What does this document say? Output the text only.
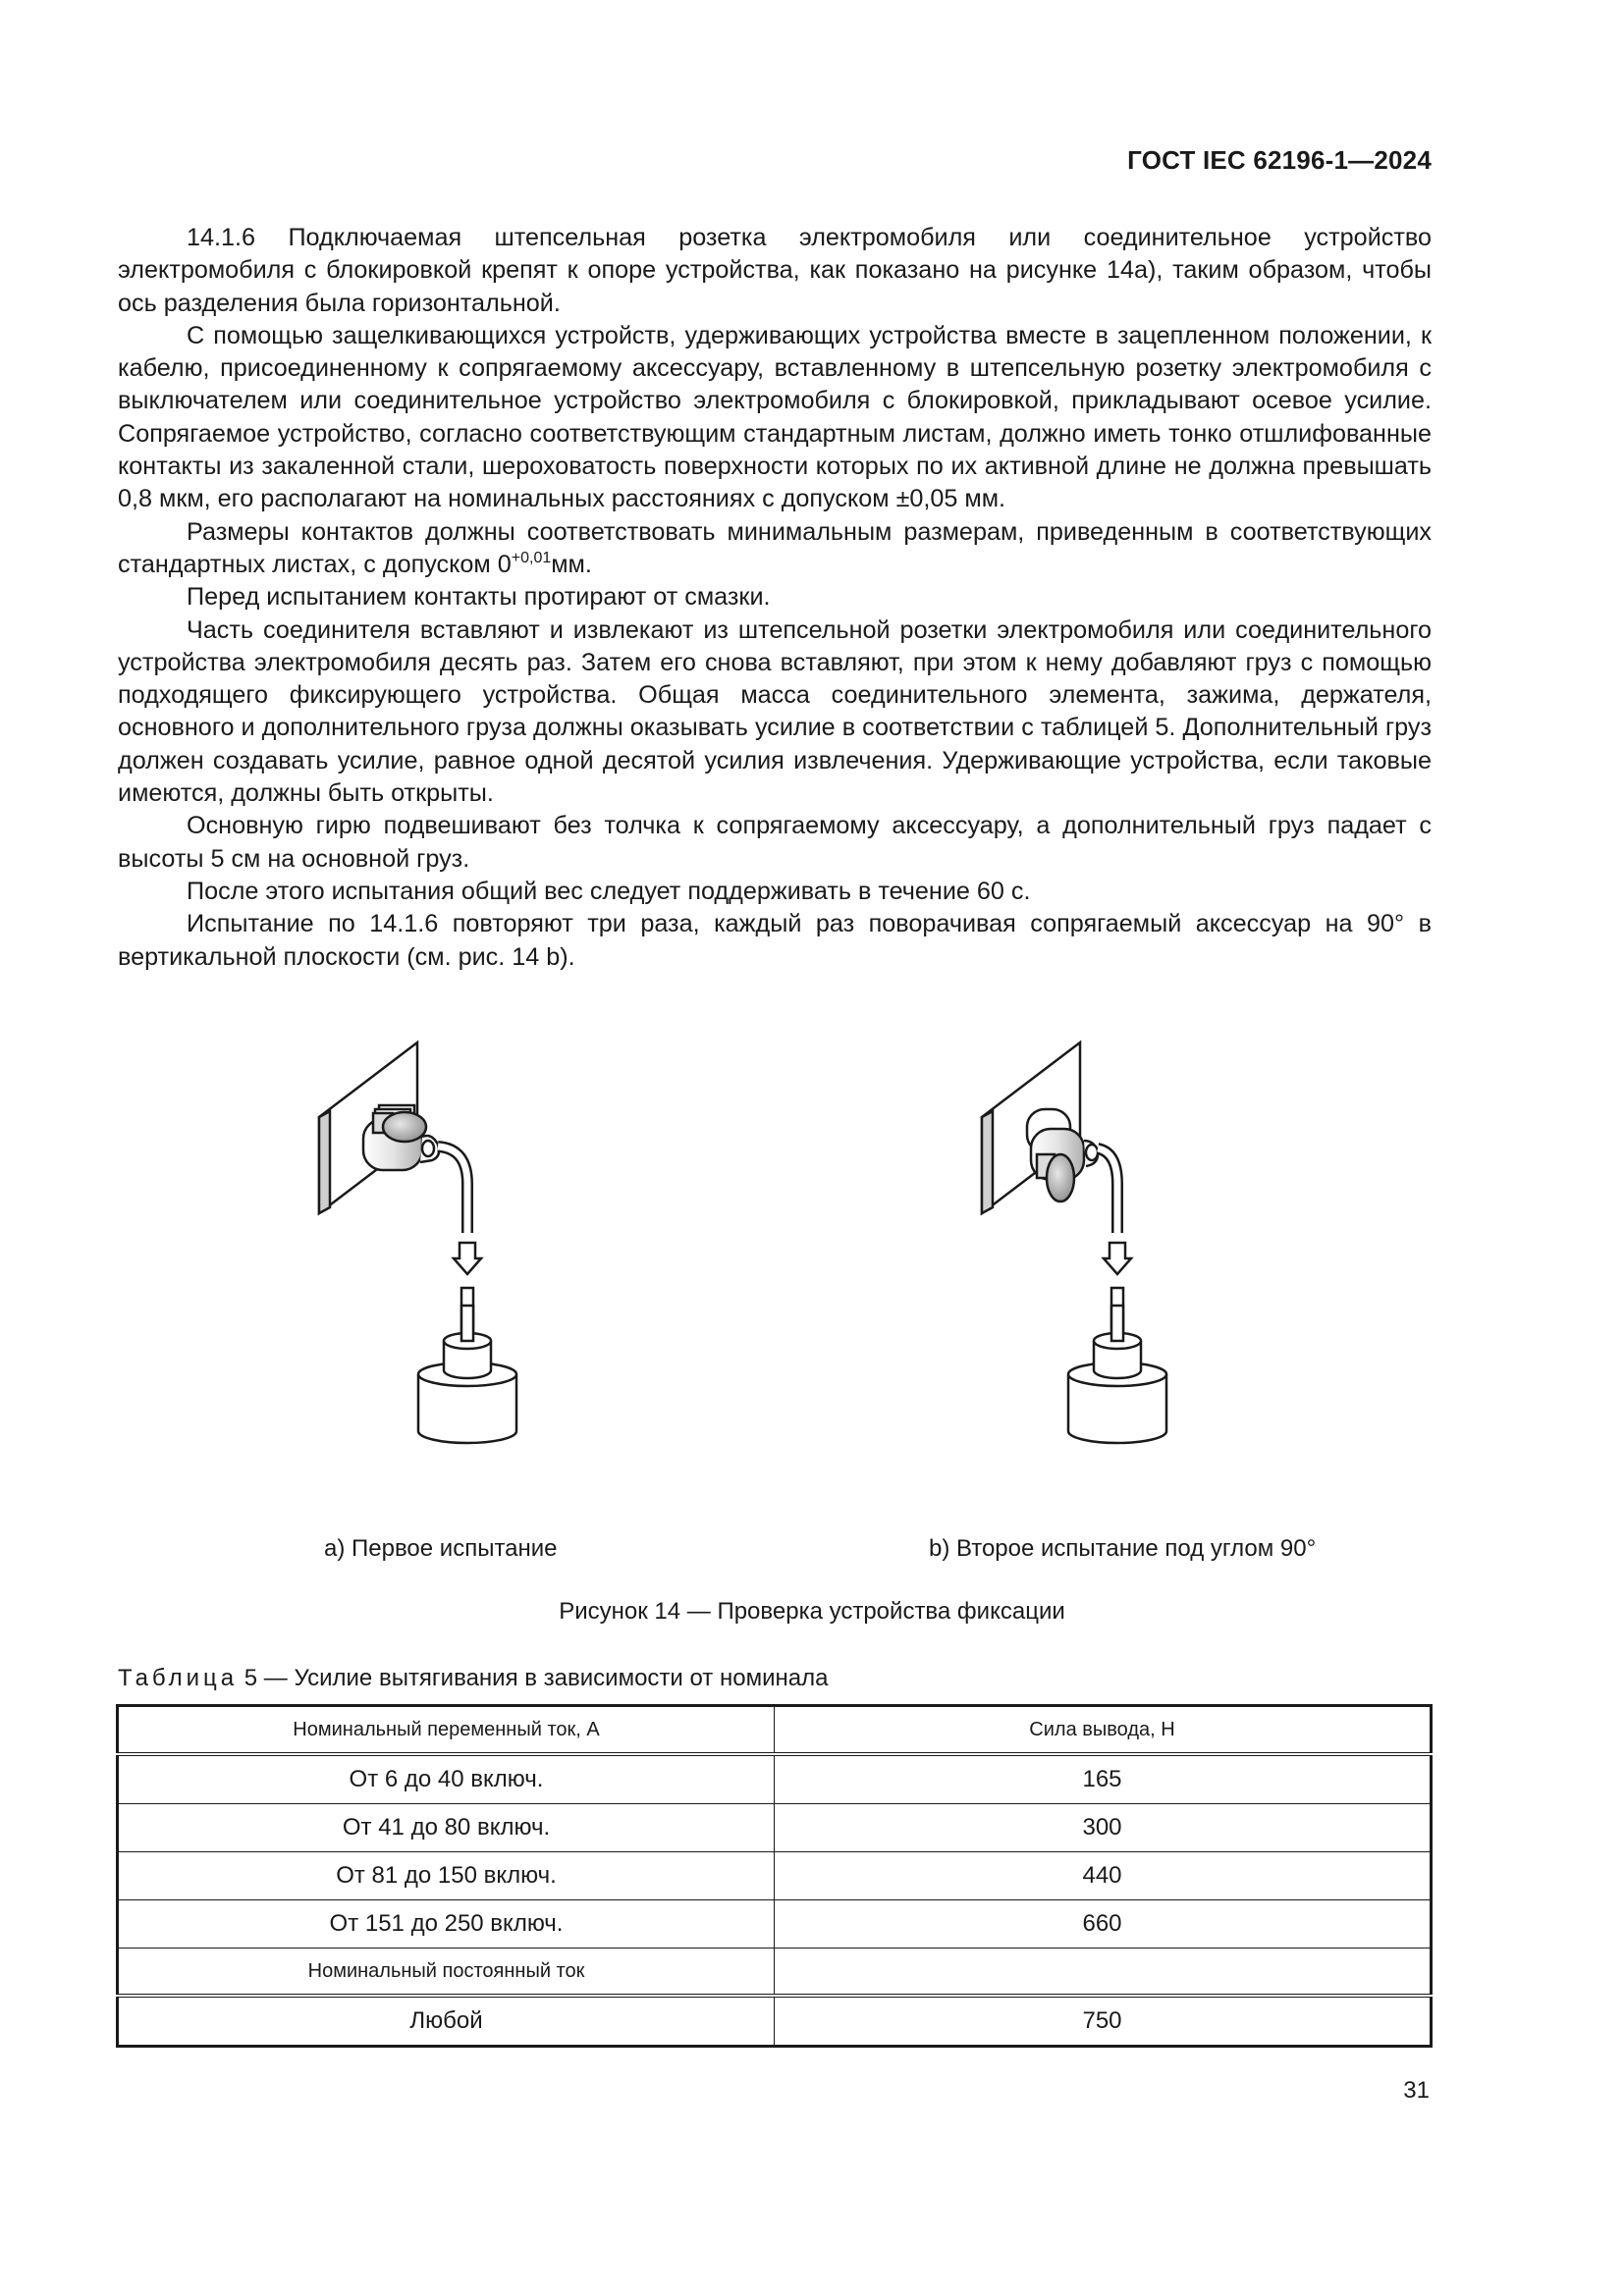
ГОСТ IEC 62196-1—2024

14.1.6 Подключаемая штепсельная розетка электромобиля или соединительное устройство электромобиля с блокировкой крепят к опоре устройства, как показано на рисунке 14а), таким образом, чтобы ось разделения была горизонтальной.

С помощью защелкивающихся устройств, удерживающих устройства вместе в зацепленном положении, к кабелю, присоединенному к сопрягаемому аксессуару, вставленному в штепсельную розетку электромобиля с выключателем или соединительное устройство электромобиля с блокировкой, прикладывают осевое усилие. Сопрягаемое устройство, согласно соответствующим стандартным листам, должно иметь тонко отшлифованные контакты из закаленной стали, шероховатость поверхности которых по их активной длине не должна превышать 0,8 мкм, его располагают на номинальных расстояниях с допуском ±0,05 мм.

Размеры контактов должны соответствовать минимальным размерам, приведенным в соответствующих стандартных листах, с допуском $0^{+0,01}мм$.

Перед испытанием контакты протирают от смазки.

Часть соединителя вставляют и извлекают из штепсельной розетки электромобиля или соединительного устройства электромобиля десять раз. Затем его снова вставляют, при этом к нему добавляют груз с помощью подходящего фиксирующего устройства. Общая масса соединительного элемента, зажима, держателя, основного и дополнительного груза должны оказывать усилие в соответствии с таблицей 5. Дополнительный груз должен создавать усилие, равное одной десятой усилия извлечения. Удерживающие устройства, если таковые имеются, должны быть открыты.

Основную гирю подвешивают без толчка к сопрягаемому аксессуару, а дополнительный груз падает с высоты 5 см на основной груз.

После этого испытания общий вес следует поддерживать в течение 60 с.

Испытание по 14.1.6 повторяют три раза, каждый раз поворачивая сопрягаемый аксессуар на 90° в вертикальной плоскости (см. рис. 14 b).

a) Первое испытание	b) Второе испытание под углом 90°
Рисунок 14 — Проверка устройства фиксации
Таблица 5 — Усилие вытягивания в зависимости от номинала
Номинальный переменный ток, А	Сила вывода, Н
От 6 до 40 включ.	165
От 41 до 80 включ.	300
От 81 до 150 включ.	440
От 151 до 250 включ.	660
Номинальный постоянный ток	
Любой	750
31
